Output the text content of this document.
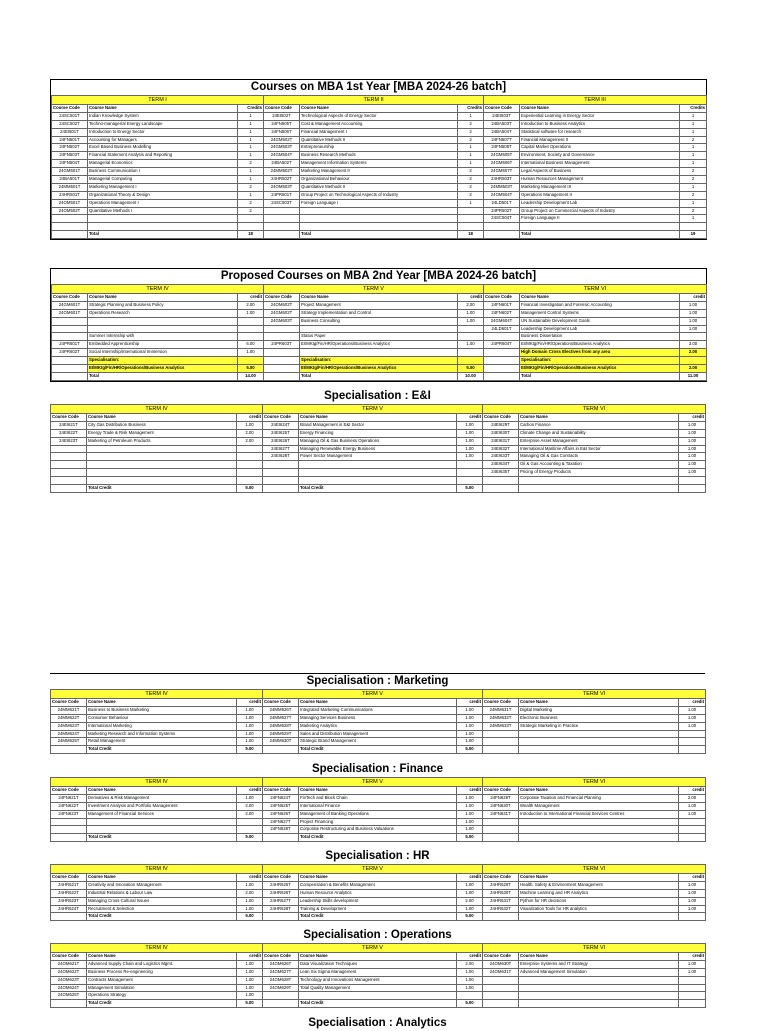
Courses on MBA 1st Year [MBA 2024-26 batch]
TERM I			TERM II			TERM III		
Course Code	Course Name	Credits	Course Code	Course Name	Credits	Course Code	Course Name	Credits
24SC501T	Indian Knowledge System	1	24EI502T	Technological Aspects of Energy Sector	1	24EI503T	Experiential Learning in Energy Sector	1
24SC502T	Techno-managerial Energy Landscape	1	24FN505T	Cost & Management Accounting	2	24BA503T	Introduction to Business Analytics	1
24EI501T	Introduction to Energy Sector	1	24FN506T	Financial Management I	2	24BA504T	Statistical software for research	1
24FN501T	Accounting for Managers	1	24GM502T	Quantitative Methods II	2	24FN507T	Financial Management II	2
24FN502T	Excel Based Business Modelling	1	24GM503T	Entrepreneurship	1	24FN508T	Capital Market Operations	1
24FN503T	Financial Statement Analysis and Reporting	1	24GM504T	Business Research Methods	1	24GM505T	Environment, Society and Governance	1
24FN504T	Managerial Economics	2	24BA502T	Management Information Systems	1	24GM506T	International Business Management	1
24GM501T	Business Communication I	1	24MM502T	Marketing Management II	2	24GM507T	Legal Aspects of Business	2
24BA501T	Managerial Computing	1	24HR502T	Organizational Behaviour	2	24HR503T	Human Resources Management	2
24MM501T	Marketing Management I	2	24OM503T	Quantitative Methods II	2	24MM503T	Marketing Management III	1
24HR501T	Organizational Theory & Design	1	24PR501T	Group Project on Technological Aspects of Industry	2	24OM504T	Operations Management II	2
24OM501T	Operations Management I	2	24SC503T	Foreign Language I	1	24LD501T	Leadership Development Lab	1
24OM502T	Quantitative Methods I	2				24PR502T	Group Project on Commercial Aspects of Industry	2
						24SC504T	Foreign Language II	1

	Total	18		Total	18		Total	19
Proposed Courses on MBA 2nd Year [MBA 2024-26 batch]
TERM IV			TERM V			TERM VI		
Course Code	Course Name	credit	Course Code	Course Name	credit	Course Code	Course Name	credit
24GM601T	Strategic Planning and Business Policy	2.00	24OM602T	Project Management	2.00	24FN601T	Financial Investigation and Forensic Accounting	1.00
24OM601T	Operations Research	1.00	24GM602T	Strategy Implementation and Control	1.00	24FN602T	Management Control Systems	1.00
			24GM603T	Business Consulting	1.00	24GM604T	UN Sustainable Development Goals	1.00
						24LD601T	Leadership Development Lab	1.00
	Summer Internship with			Status Paper			Business Dissertation	
24PR601T	Embedded Apprenticeship	6.00	24PR603T	EI/MKtg/Fin/HR/Operations/Business Analytics	1.00	24PR604T	EI/MKtg/Fin/HR/Operations/Business Analytics	3.00
24PR602T	Social Internship/International Immersion	1.00					High Domain Cross Electives from any area	2.00
	Specialisation:			Specialisation:			Specialisation:	
	EI/MKtg/Fin/HR/Operations/Business Analytics	5.00		EI/MKtg/Fin/HR/Operations/Business Analytics	5.00		EI/MKtg/Fin/HR/Operations/Business Analytics	2.00
	Total	14.00		Total	10.00		Total	11.00
Specialisation : E&I
TERM IV			TERM V			TERM VI		
Course Code	Course Name	credit	Course Code	Course Name	credit	Course Code	Course Name	credit
24EI621T	City Gas Distribution Business	1.00	24EI624T	Brand Management in E&I Sector	1.00	24EI629T	Carbon Finance	1.00
24EI622T	Energy Trade & Risk Management	2.00	24EI625T	Energy Financing	1.00	24EI630T	Climate Change and Sustainability	1.00
24EI623T	Marketing of Petroleum Products	2.00	24EI626T	Managing Oil & Gas Business Operations	1.00	24EI631T	Enterprise Asset Management	1.00
			24EI627T	Managing Renewable Energy Business	1.00	24EI632T	International Maritime Affairs in E&I Sector	1.00
			24EI628T	Power Sector Management	1.00	24EI633T	Managing Oil & Gas Contracts	1.00
						24EI634T	Oil & Gas Accounting & Taxation	1.00
						24EI635T	Pricing of Energy Products	1.00

	Total Credit	5.00		Total Credit	5.00			
Specialisation : Marketing
TERM IV			TERM V			TERM VI		
Course Code	Course Name	credit	Course Code	Course Name	credit	Course Code	Course Name	credit
24MM621T	Business to Business Marketing	1.00	24MM626T	Integrated Marketing Communications	1.00	24MM631T	Digital Marketing	1.00
24MM622T	Consumer Behaviour	1.00	24MM627T	Managing Services Business	1.00	24MM632T	Electronic Business	1.00
24MM623T	International Marketing	1.00	24MM628T	Marketing Analytics	1.00	24MM633T	Strategic Marketing in Practice	1.00
24MM624T	Marketing Research and Information Systems	1.00	24MM629T	Sales and Distribution Management	1.00			
24MM625T	Retail Management	1.00	24MM630T	Strategic Brand Management	1.00			
	Total Credit	5.00		Total Credit	5.00			
Specialisation : Finance
TERM IV			TERM V			TERM VI		
Course Code	Course Name	credit	Course Code	Course Name	credit	Course Code	Course Name	credit
24FN621T	Derivatives & Risk Management	1.00	24FN624T	FinTech and Block Chain	1.00	24FN629T	Corporate Taxation and Financial Planning	2.00
24FN622T	Investment Analysis and Portfolio Management	2.00	24FN625T	International Finance	1.00	24FN630T	Wealth Management	1.00
24FN623T	Management of Financial Services	2.00	24FN626T	Management of Banking Operations	1.00	24FN631T	Introduction to International Financial Services Centres	1.00
			24FN627T	Project Financing	1.00			
			24FN628T	Corporate Restructuring and Business Valuations	1.00			
	Total Credit	5.00		Total Credit	5.00			
Specialisation : HR
TERM IV			TERM V			TERM VI		
Course Code	Course Name	credit	Course Code	Course Name	credit	Course Code	Course Name	credit
24HR621T	Creativity and Innovation Management	1.00	24HR625T	Compensation & Benefits Management	1.00	24HR629T	Health, Safety & Environment Management	1.00
24HR622T	Industrial Relations & Labour Law	2.00	24HR626T	Human Resource Analytics	1.00	24HR630T	Machine Learning and HR Analytics	1.00
24HR623T	Managing Cross-Cultural Issues	1.00	24HR627T	Leadership Skills development	2.00	24HR631T	Python for HR decisions	1.00
24HR624T	Recruitment & Selection	1.00	24HR628T	Training & Development	1.00	24HR632T	Visualization Tools for HR analytics	1.00
	Total Credit	5.00		Total Credit	5.00			
Specialisation : Operations
TERM IV			TERM V			TERM VI		
Course Code	Course Name	credit	Course Code	Course Name	credit	Course Code	Course Name	credit
24OM621T	Advanced Supply Chain and Logistics Mgmt.	1.00	24OM626T	Data Visualization Techniques	2.00	24OM630T	Enterprise Systems and IT Strategy	1.00
24OM622T	Business Process Re-engineering	1.00	24OM627T	Lean Six Sigma Management	1.00	24OM631T	Advanced Management Simulation	1.00
24OM623T	Contracts Management	1.00	24OM628T	Technology and Innovations Management	1.00			
24OM624T	Management Simulation	1.00	24OM629T	Total Quality Management	1.00			
24OM625T	Operations Strategy	1.00						
	Total Credit	5.00		Total Credit	5.00			
Specialisation : Analytics
